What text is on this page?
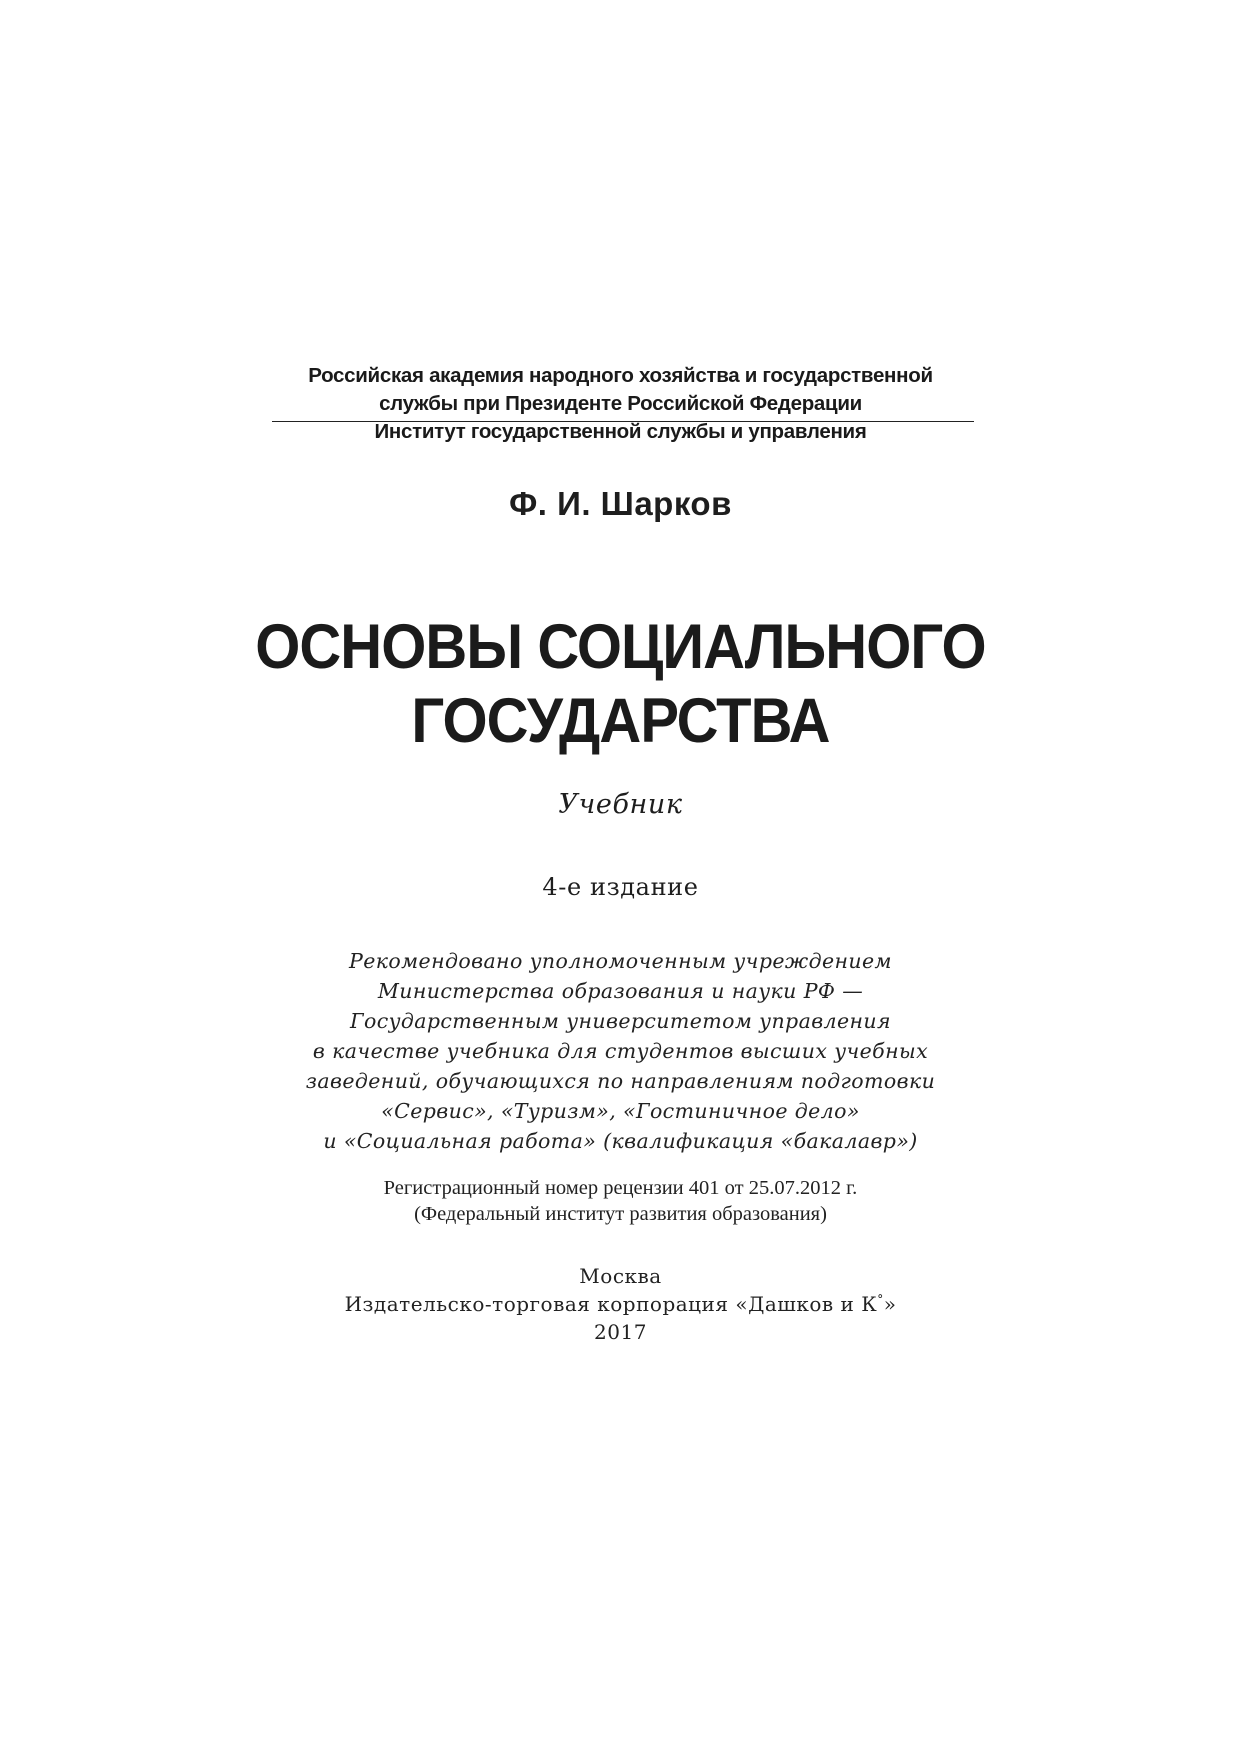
Российская академия народного хозяйства и государственной
службы при Президенте Российской Федерации
Институт государственной службы и управления
Ф. И. Шарков
ОСНОВЫ СОЦИАЛЬНОГО
ГОСУДАРСТВА
Учебник
4-е издание
Рекомендовано уполномоченным учреждением
Министерства образования и науки РФ —
Государственным университетом управления
в качестве учебника для студентов высших учебных
заведений, обучающихся по направлениям подготовки
«Сервис», «Туризм», «Гостиничное дело»
и «Социальная работа» (квалификация «бакалавр»)
Регистрационный номер рецензии 401 от 25.07.2012 г.
(Федеральный институт развития образования)
Москва
Издательско-торговая корпорация «Дашков и К°»
2017
